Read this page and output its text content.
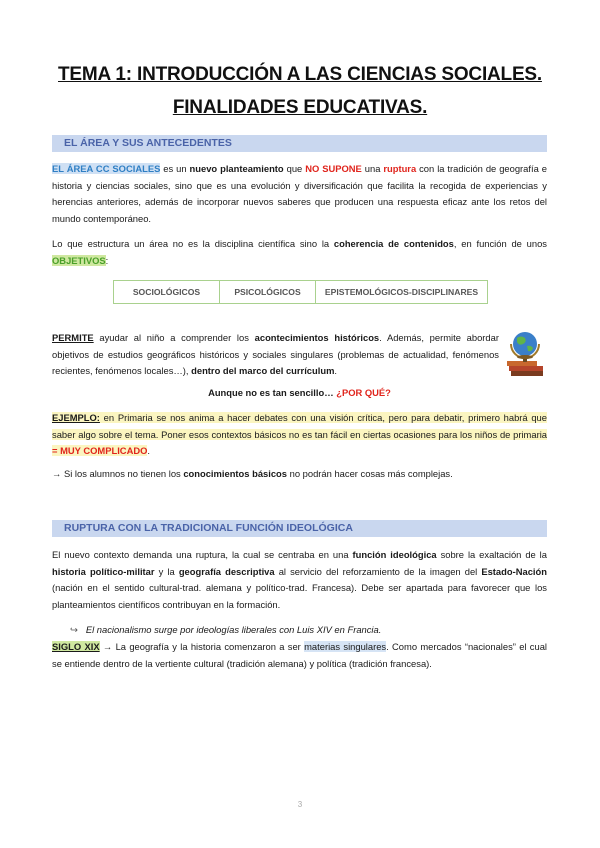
TEMA 1: INTRODUCCIÓN A LAS CIENCIAS SOCIALES.
FINALIDADES EDUCATIVAS.
EL ÁREA Y SUS ANTECEDENTES
EL ÁREA CC SOCIALES es un nuevo planteamiento que NO SUPONE una ruptura con la tradición de geografía e historia y ciencias sociales, sino que es una evolución y diversificación que facilita la recogida de experiencias y herencias anteriores, además de incorporar nuevos saberes que producen una respuesta eficaz ante los retos del mundo contemporáneo.
Lo que estructura un área no es la disciplina científica sino la coherencia de contenidos, en función de unos OBJETIVOS:
SOCIOLÓGICOS	PSICOLÓGICOS	EPISTEMOLÓGICOS-DISCIPLINARES
PERMITE ayudar al niño a comprender los acontecimientos históricos. Además, permite abordar objetivos de estudios geográficos históricos y sociales singulares (problemas de actualidad, fenómenos recientes, fenómenos locales…), dentro del marco del currículum.
Aunque no es tan sencillo… ¿POR QUÉ?
EJEMPLO: en Primaria se nos anima a hacer debates con una visión crítica, pero para debatir, primero habrá que saber algo sobre el tema. Poner esos contextos básicos no es tan fácil en ciertas ocasiones para los niños de primaria = MUY COMPLICADO.
→ Si los alumnos no tienen los conocimientos básicos no podrán hacer cosas más complejas.
RUPTURA CON LA TRADICIONAL FUNCIÓN IDEOLÓGICA
El nuevo contexto demanda una ruptura, la cual se centraba en una función ideológica sobre la exaltación de la historia político-militar y la geografía descriptiva al servicio del reforzamiento de la imagen del Estado-Nación (nación en el sentido cultural-trad. alemana y político-trad. Francesa). Debe ser apartada para favorecer que los planteamientos científicos contribuyan en la formación.
↪ El nacionalismo surge por ideologías liberales con Luis XIV en Francia.
SIGLO XIX → La geografía y la historia comenzaron a ser materias singulares. Como mercados “nacionales” el cual se entiende dentro de la vertiente cultural (tradición alemana) y política (tradición francesa).
3
